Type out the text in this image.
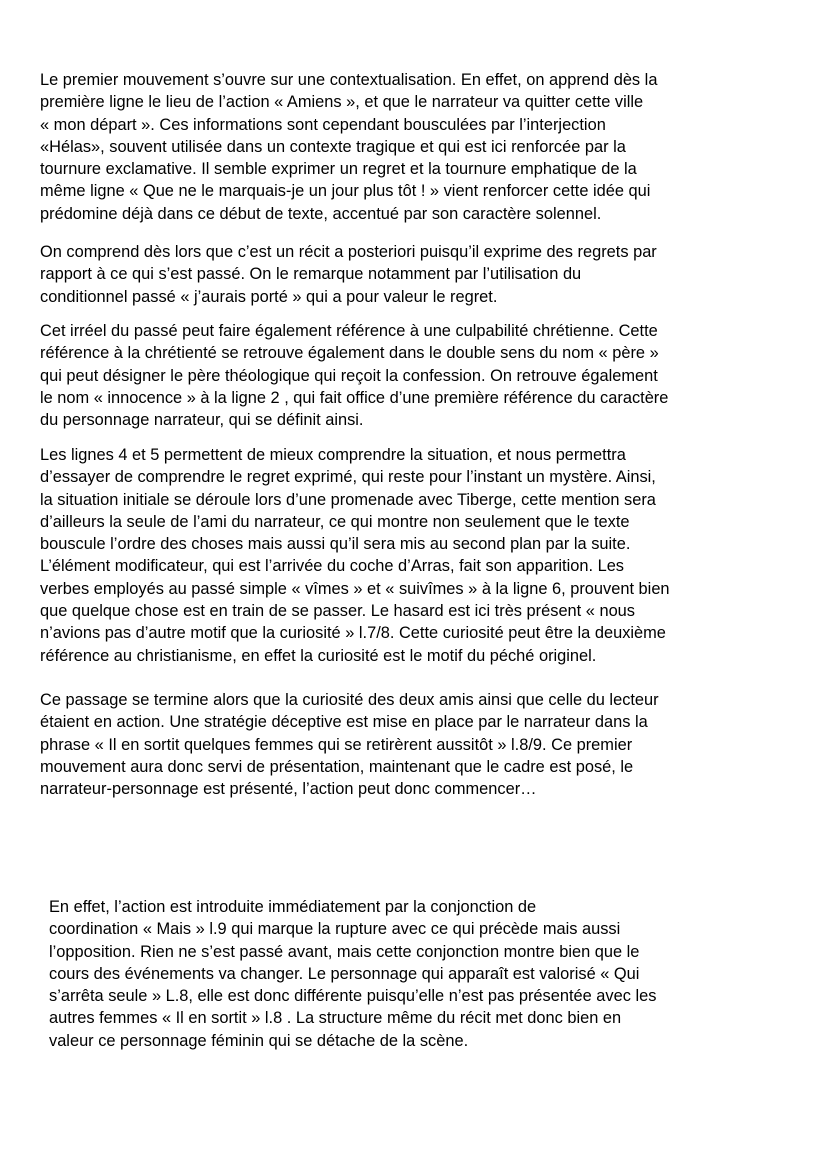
Le premier mouvement s’ouvre sur une contextualisation. En effet, on apprend dès la
première ligne le lieu de l’action « Amiens », et que le narrateur va quitter cette ville
« mon départ ». Ces informations sont cependant bousculées par l’interjection
«Hélas», souvent utilisée dans un contexte tragique et qui est ici renforcée par la
tournure exclamative. Il semble exprimer un regret et la tournure emphatique de la
même ligne « Que ne le marquais-je un jour plus tôt ! » vient renforcer cette idée qui
prédomine déjà dans ce début de texte, accentué par son caractère solennel.

On comprend dès lors que c’est un récit a posteriori puisqu’il exprime des regrets par
rapport à ce qui s’est passé. On le remarque notamment par l’utilisation du
conditionnel passé « j’aurais porté » qui a pour valeur le regret.

Cet irréel du passé peut faire également référence à une culpabilité chrétienne. Cette
référence à la chrétienté se retrouve également dans le double sens du nom « père »
qui peut désigner le père théologique qui reçoit la confession. On retrouve également
le nom « innocence » à la ligne 2 , qui fait office d’une première référence du caractère
du personnage narrateur, qui se définit ainsi.

Les lignes 4 et 5 permettent de mieux comprendre la situation, et nous permettra
d’essayer de comprendre le regret exprimé, qui reste pour l’instant un mystère. Ainsi,
la situation initiale se déroule lors d’une promenade avec Tiberge, cette mention sera
d’ailleurs la seule de l’ami du narrateur, ce qui montre non seulement que le texte
bouscule l’ordre des choses mais aussi qu’il sera mis au second plan par la suite.
L’élément modificateur, qui est l’arrivée du coche d’Arras, fait son apparition. Les
verbes employés au passé simple « vîmes » et « suivîmes » à la ligne 6, prouvent bien
que quelque chose est en train de se passer. Le hasard est ici très présent « nous
n’avions pas d’autre motif que la curiosité » l.7/8. Cette curiosité peut être la deuxième
référence au christianisme, en effet la curiosité est le motif du péché originel.

Ce passage se termine alors que la curiosité des deux amis ainsi que celle du lecteur
étaient en action. Une stratégie déceptive est mise en place par le narrateur dans la
phrase « Il en sortit quelques femmes qui se retirèrent aussitôt » l.8/9. Ce premier
mouvement aura donc servi de présentation, maintenant que le cadre est posé, le
narrateur-personnage est présenté, l’action peut donc commencer…

En effet, l’action est introduite immédiatement par la conjonction de
coordination « Mais » l.9 qui marque la rupture avec ce qui précède mais aussi
l’opposition. Rien ne s’est passé avant, mais cette conjonction montre bien que le
cours des événements va changer. Le personnage qui apparaît est valorisé « Qui
s’arrêta seule » L.8, elle est donc différente puisqu’elle n’est pas présentée avec les
autres femmes « Il en sortit » l.8 . La structure même du récit met donc bien en
valeur ce personnage féminin qui se détache de la scène.
